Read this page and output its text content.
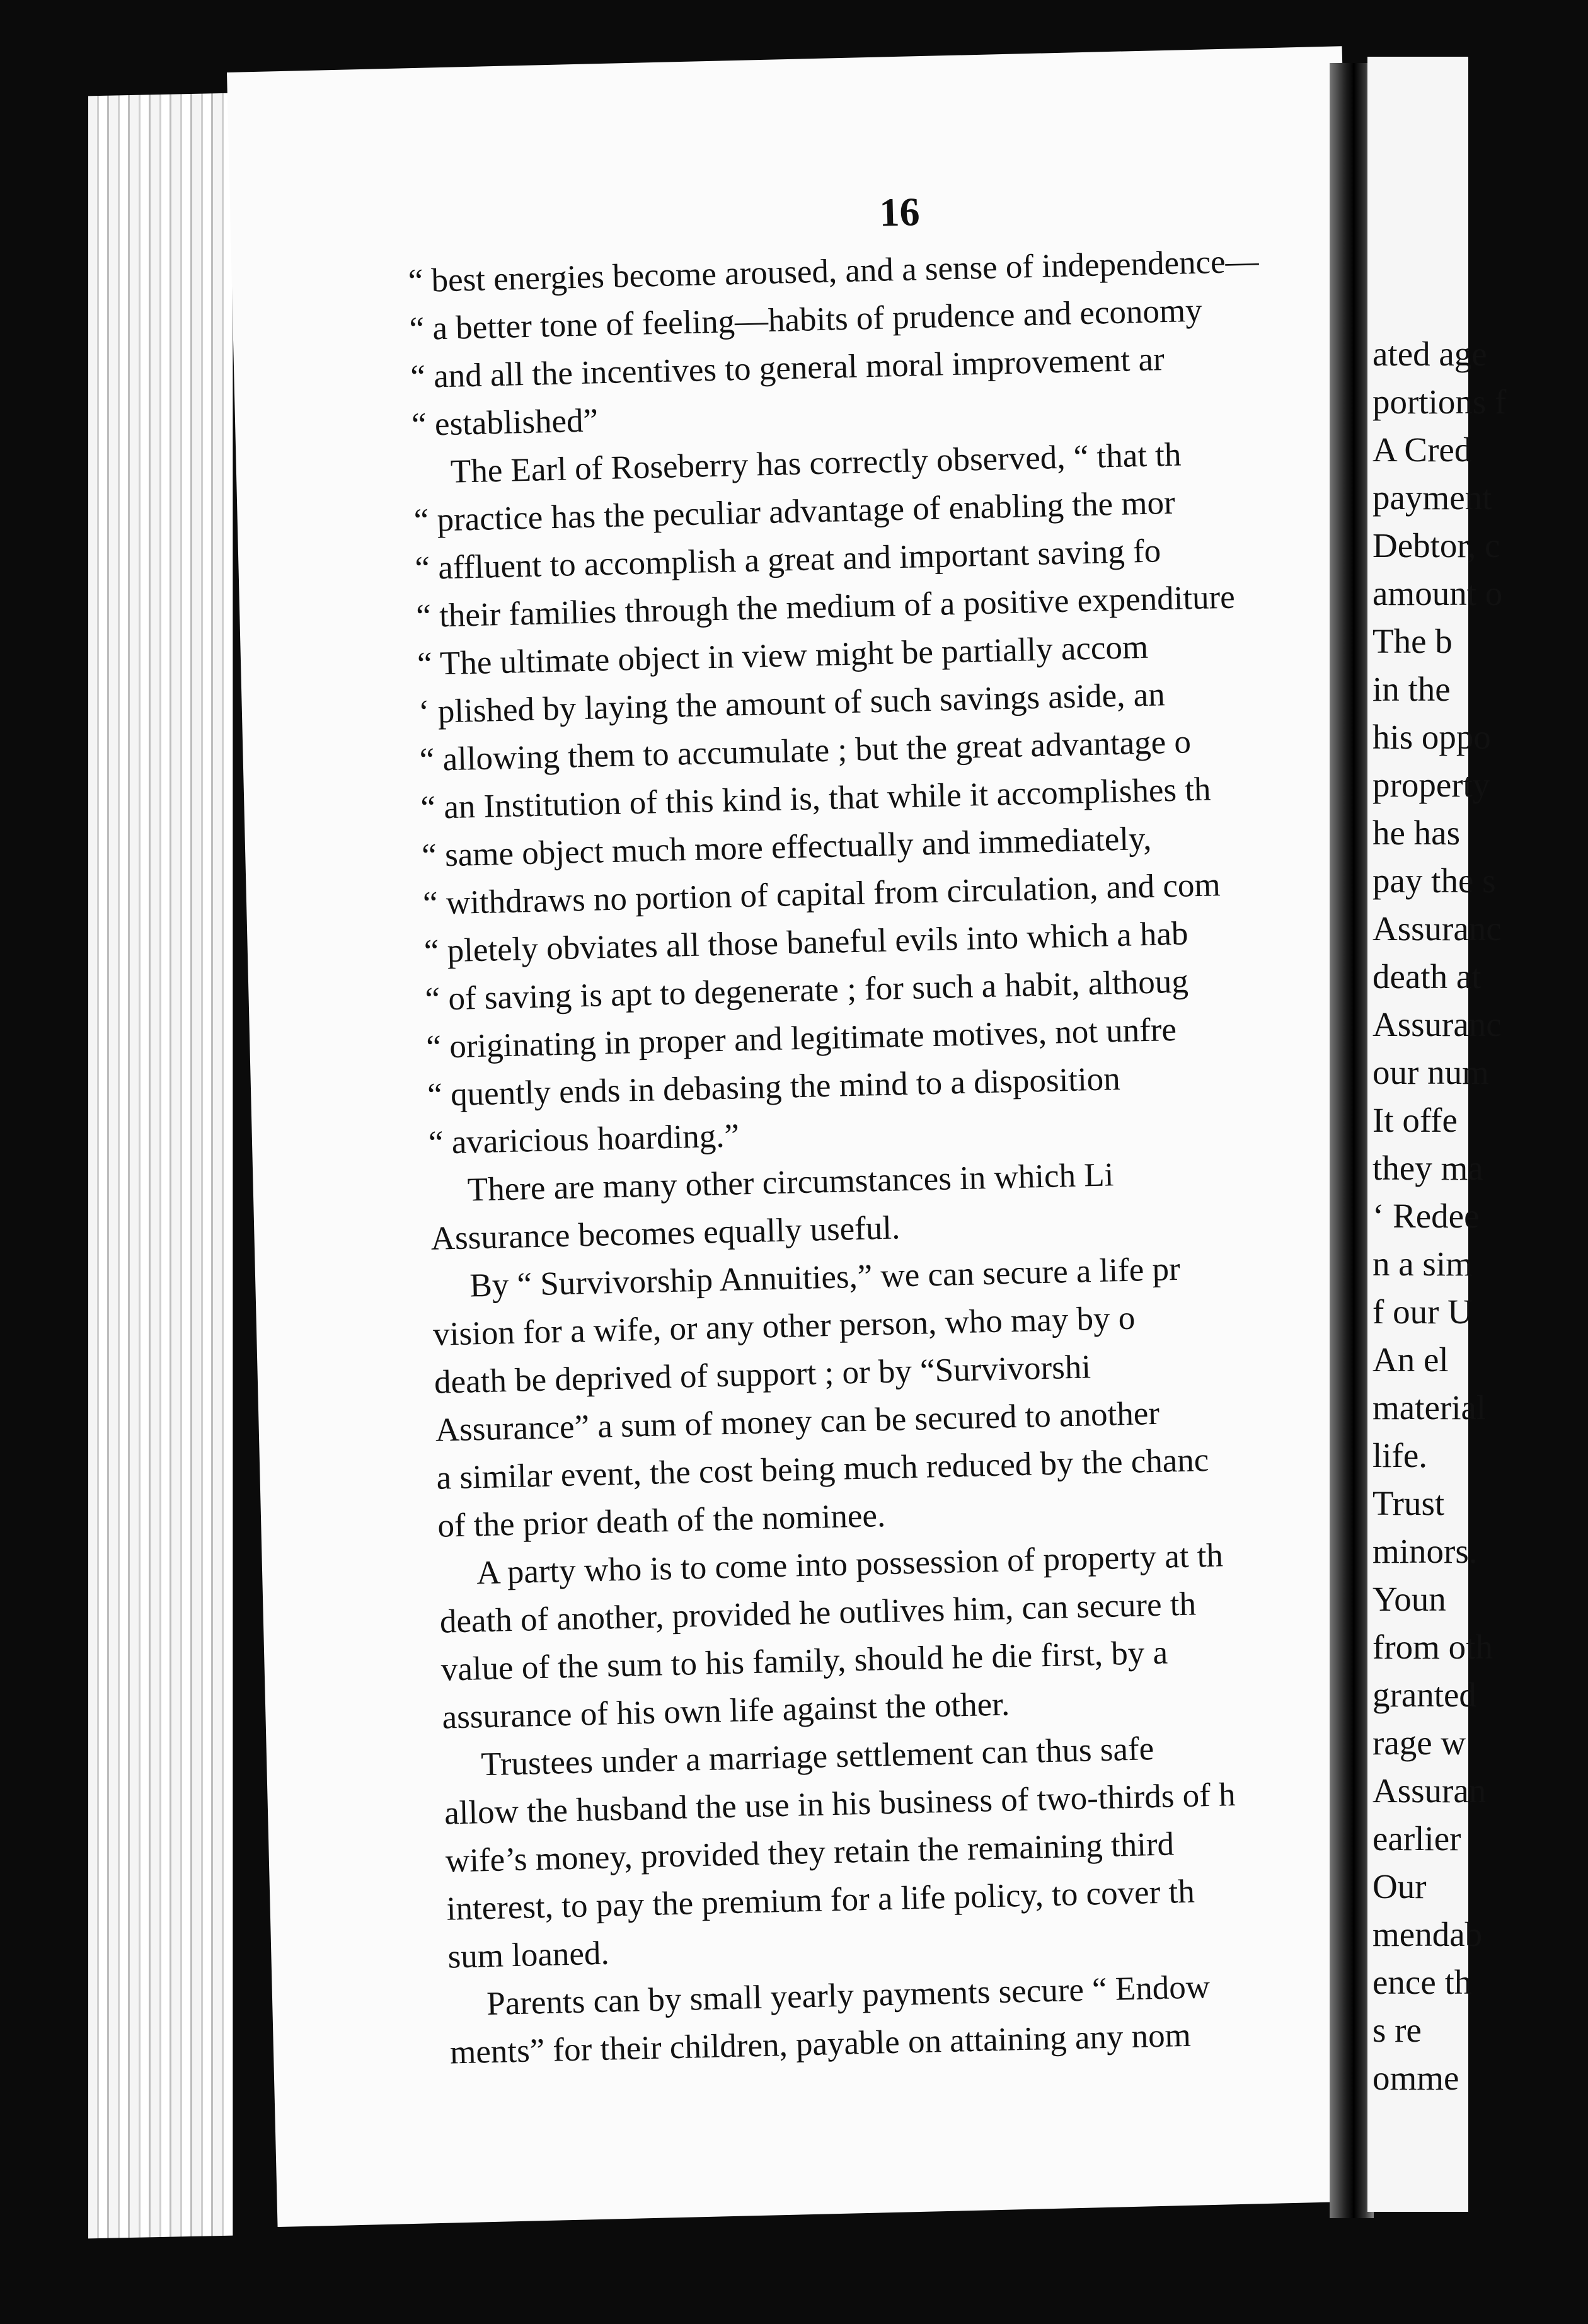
16
“ best energies become aroused, and a sense of independence—
“ a better tone of feeling—habits of prudence and economy
“ and all the incentives to general moral improvement ar
“ established”
The Earl of Roseberry has correctly observed, “ that th
“ practice has the peculiar advantage of enabling the mor
“ affluent to accomplish a great and important saving fo
“ their families through the medium of a positive expenditure
“ The ultimate object in view might be partially accom
‘ plished by laying the amount of such savings aside, an
“ allowing them to accumulate ; but the great advantage o
“ an Institution of this kind is, that while it accomplishes th
“ same object much more effectually and immediately,
“ withdraws no portion of capital from circulation, and com
“ pletely obviates all those baneful evils into which a hab
“ of saving is apt to degenerate ; for such a habit, althoug
“ originating in proper and legitimate motives, not unfre
“ quently ends in debasing the mind to a disposition
“ avaricious hoarding.”
There are many other circumstances in which Li
Assurance becomes equally useful.
By “ Survivorship Annuities,” we can secure a life pr
vision for a wife, or any other person, who may by o
death be deprived of support ; or by “Survivorshi
Assurance” a sum of money can be secured to another
a similar event, the cost being much reduced by the chanc
of the prior death of the nominee.
A party who is to come into possession of property at th
death of another, provided he outlives him, can secure th
value of the sum to his family, should he die first, by a
assurance of his own life against the other.
Trustees under a marriage settlement can thus safe
allow the husband the use in his business of two-thirds of h
wife’s money, provided they retain the remaining third
interest, to pay the premium for a life policy, to cover th
sum loaned.
Parents can by small yearly payments secure “ Endow
ments” for their children, payable on attaining any nom
ated age
portions f
A Cred
payment
Debtor, c
amount o
The b
in the
his oppo
property
he has
pay the s
Assuranc
death at
Assuranc
our num
It offe
they ma
‘ Redee
n a sim
f our U
An el
material
life.
Trust
minors.
Youn
from oth
granted
rage w
Assuran
earlier
Our
mendab
ence th
s re
omme
